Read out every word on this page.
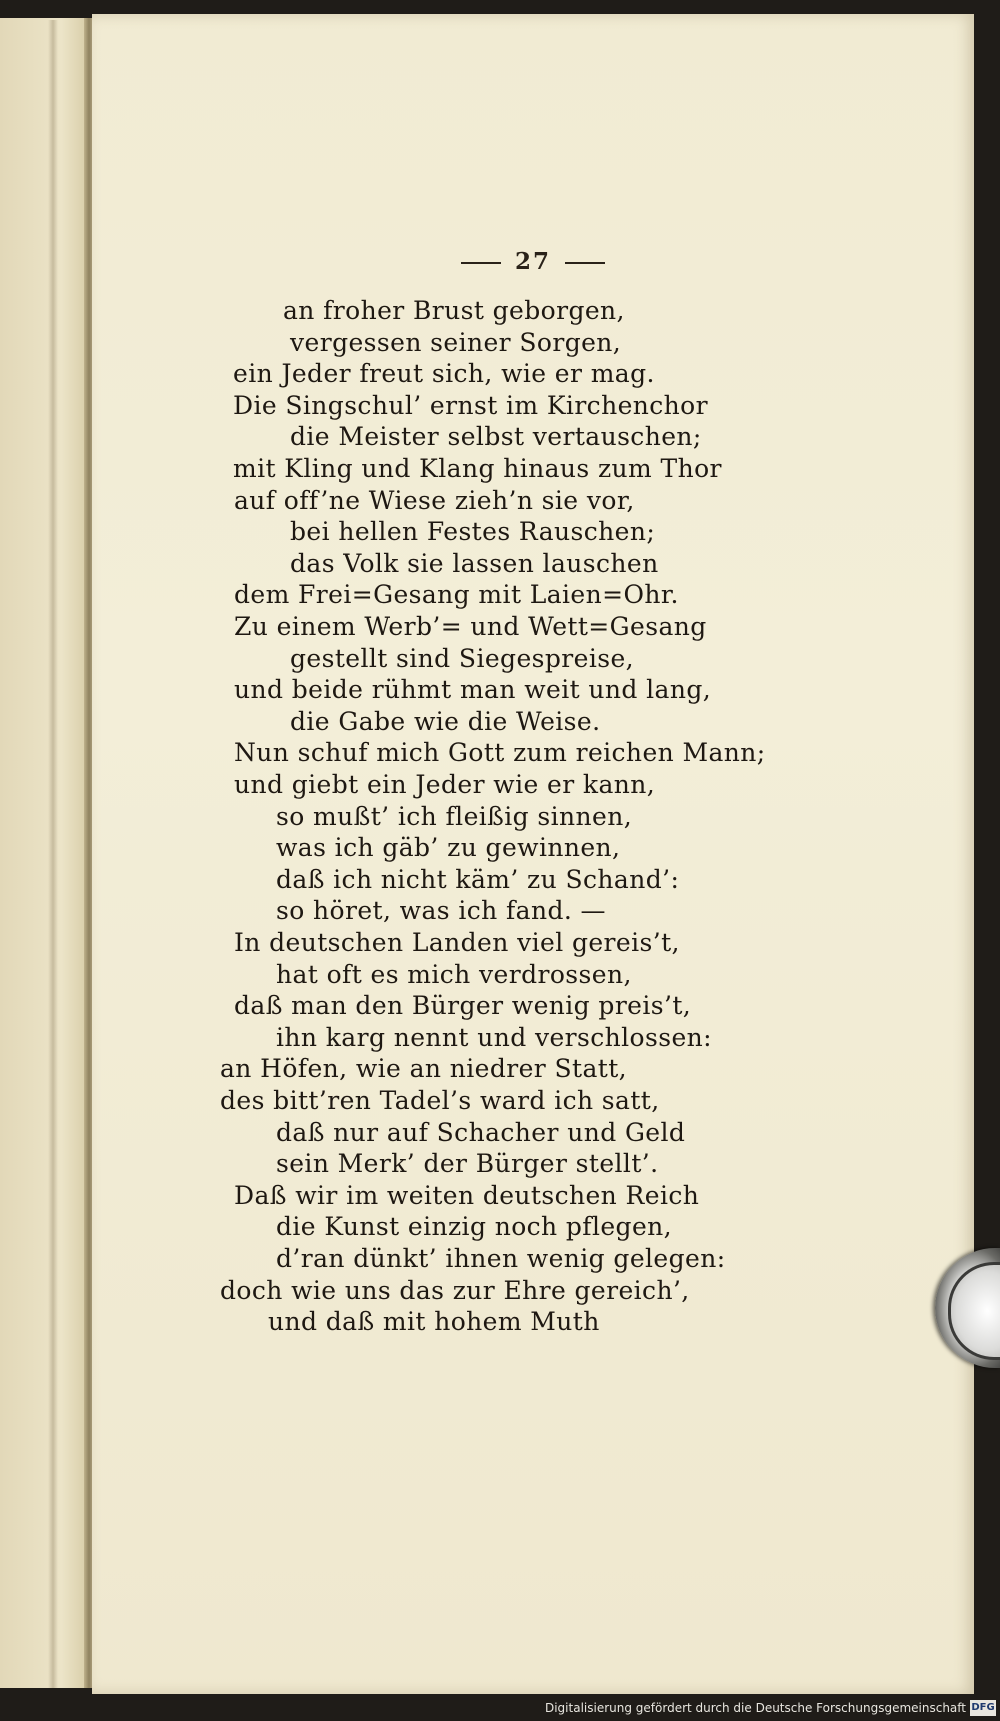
27
an froher Brust geborgen,
vergessen seiner Sorgen,
ein Jeder freut sich, wie er mag.
Die Singschul’ ernst im Kirchenchor
die Meister selbst vertauschen;
mit Kling und Klang hinaus zum Thor
auf off’ne Wiese zieh’n sie vor,
bei hellen Festes Rauschen;
das Volk sie lassen lauschen
dem Frei=Gesang mit Laien=Ohr.
Zu einem Werb’= und Wett=Gesang
gestellt sind Siegespreise,
und beide rühmt man weit und lang,
die Gabe wie die Weise.
Nun schuf mich Gott zum reichen Mann;
und giebt ein Jeder wie er kann,
so mußt’ ich fleißig sinnen,
was ich gäb’ zu gewinnen,
daß ich nicht käm’ zu Schand’:
so höret, was ich fand. —
In deutschen Landen viel gereis’t,
hat oft es mich verdrossen,
daß man den Bürger wenig preis’t,
ihn karg nennt und verschlossen:
an Höfen, wie an niedrer Statt,
des bitt’ren Tadel’s ward ich satt,
daß nur auf Schacher und Geld
sein Merk’ der Bürger stellt’.
Daß wir im weiten deutschen Reich
die Kunst einzig noch pflegen,
d’ran dünkt’ ihnen wenig gelegen:
doch wie uns das zur Ehre gereich’,
und daß mit hohem Muth
Digitalisierung gefördert durch die Deutsche Forschungsgemeinschaft DFG
